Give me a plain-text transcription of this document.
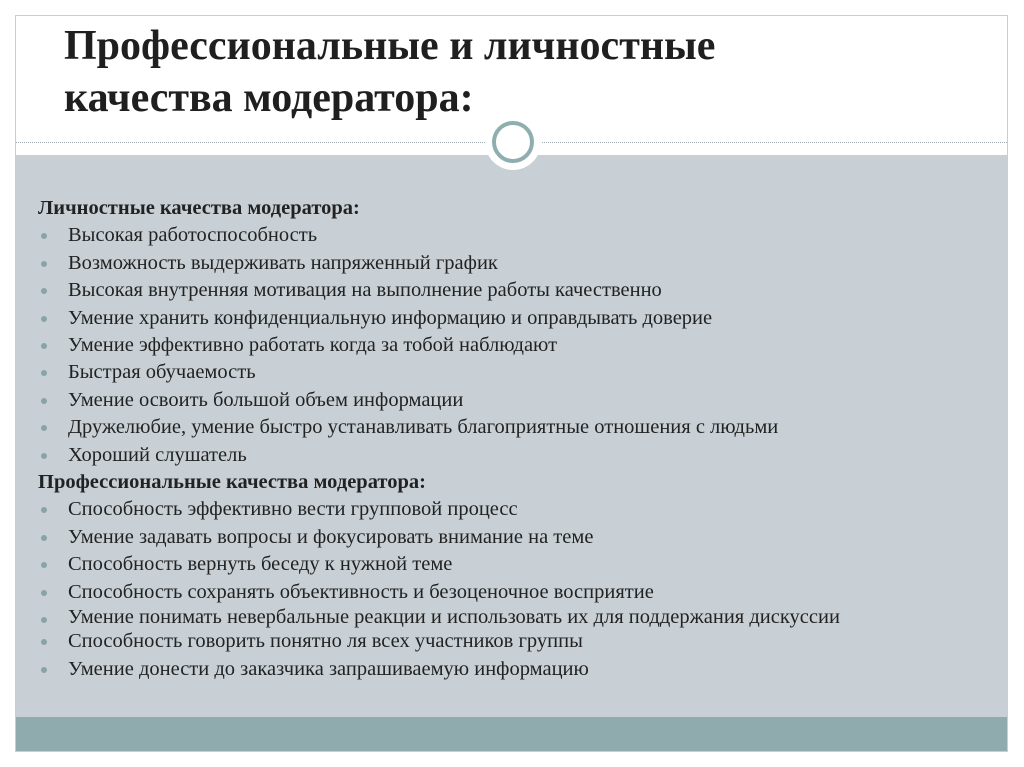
Профессиональные и личностные
качества модератора:

Личностные качества модератора:

Высокая работоспособность
Возможность выдерживать напряженный график
Высокая внутренняя мотивация на выполнение работы качественно
Умение хранить конфиденциальную информацию и оправдывать доверие
Умение эффективно работать когда за тобой наблюдают
Быстрая обучаемость
Умение освоить большой объем информации
Дружелюбие, умение быстро устанавливать благоприятные отношения с людьми
Хороший слушатель

Профессиональные качества модератора:

Способность эффективно вести групповой процесс
Умение задавать вопросы и фокусировать внимание на теме
Способность вернуть беседу к нужной теме
Способность сохранять объективность и безоценочное восприятие
Умение понимать невербальные реакции и использовать их для поддержания дискуссии
Способность говорить понятно ля всех участников группы
Умение донести до заказчика запрашиваемую информацию
